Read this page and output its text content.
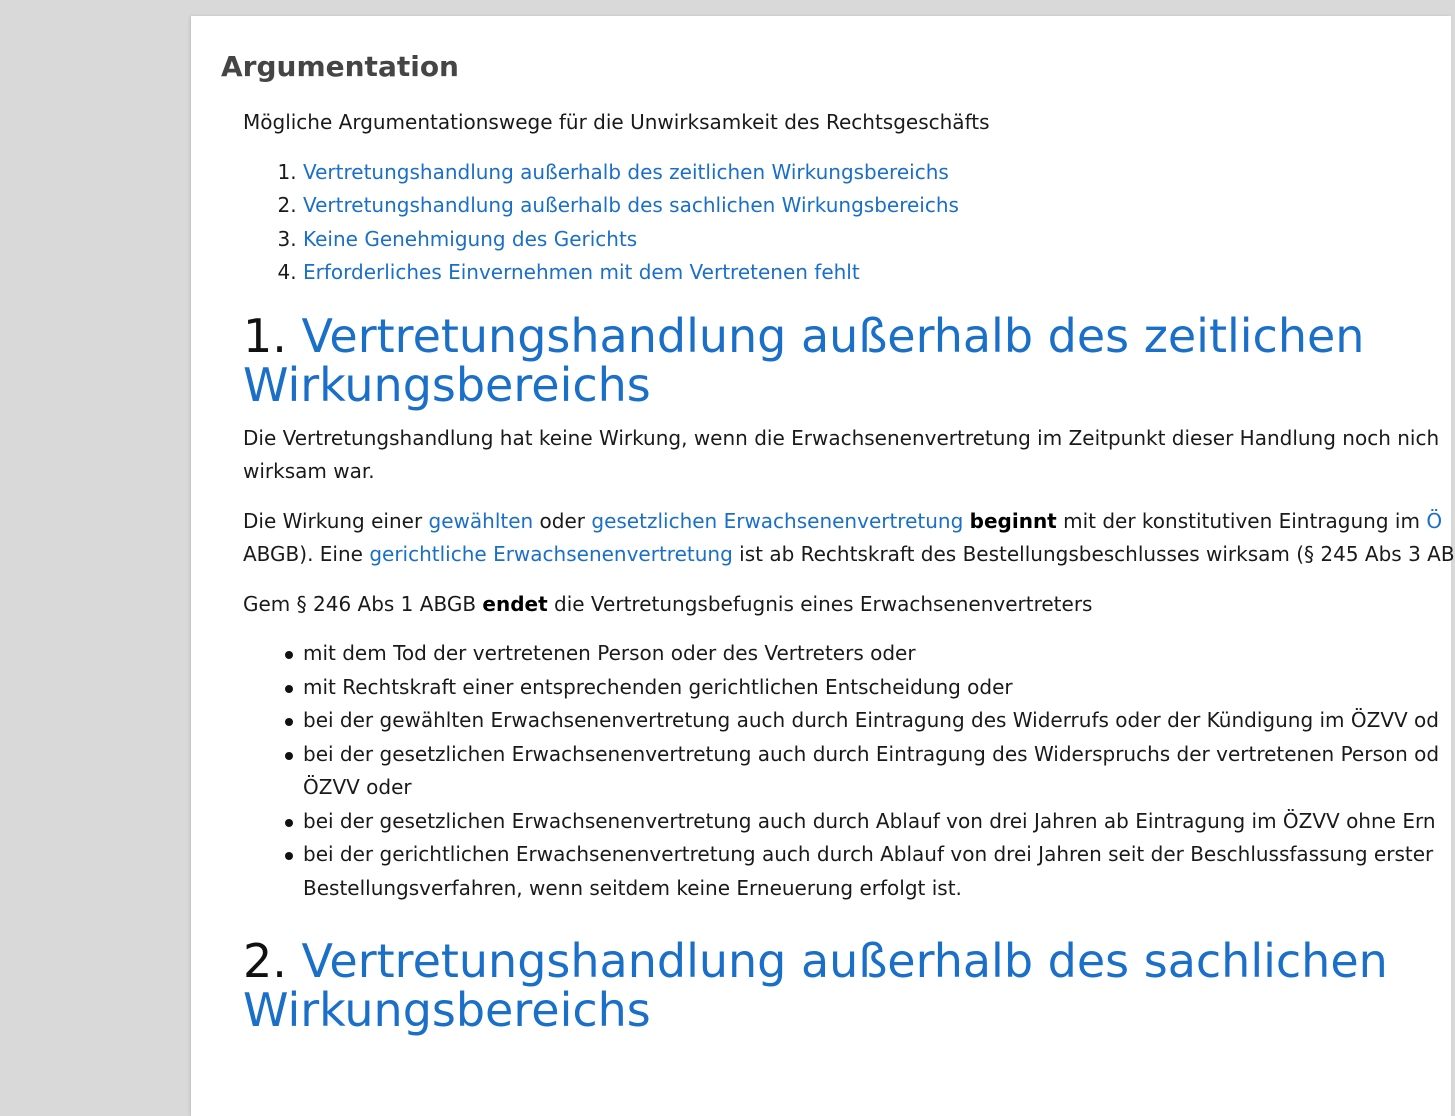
Argumentation

Mögliche Argumentationswege für die Unwirksamkeit des Rechtsgeschäfts

1. Vertretungshandlung außerhalb des zeitlichen Wirkungsbereichs
2. Vertretungshandlung außerhalb des sachlichen Wirkungsbereichs
3. Keine Genehmigung des Gerichts
4. Erforderliches Einvernehmen mit dem Vertretenen fehlt
1. Vertretungshandlung außerhalb des zeitlichen
Wirkungsbereichs

Die Vertretungshandlung hat keine Wirkung, wenn die Erwachsenenvertretung im Zeitpunkt dieser Handlung noch nich
wirksam war.

Die Wirkung einer gewählten oder gesetzlichen Erwachsenenvertretung beginnt mit der konstitutiven Eintragung im Ö
ABGB). Eine gerichtliche Erwachsenenvertretung ist ab Rechtskraft des Bestellungsbeschlusses wirksam (§ 245 Abs 3 AB

Gem § 246 Abs 1 ABGB endet die Vertretungsbefugnis eines Erwachsenenvertreters

mit dem Tod der vertretenen Person oder des Vertreters oder
mit Rechtskraft einer entsprechenden gerichtlichen Entscheidung oder
bei der gewählten Erwachsenenvertretung auch durch Eintragung des Widerrufs oder der Kündigung im ÖZVV od
bei der gesetzlichen Erwachsenenvertretung auch durch Eintragung des Widerspruchs der vertretenen Person od
ÖZVV oder
bei der gesetzlichen Erwachsenenvertretung auch durch Ablauf von drei Jahren ab Eintragung im ÖZVV ohne Ern
bei der gerichtlichen Erwachsenenvertretung auch durch Ablauf von drei Jahren seit der Beschlussfassung erster
Bestellungsverfahren, wenn seitdem keine Erneuerung erfolgt ist.
2. Vertretungshandlung außerhalb des sachlichen
Wirkungsbereichs
